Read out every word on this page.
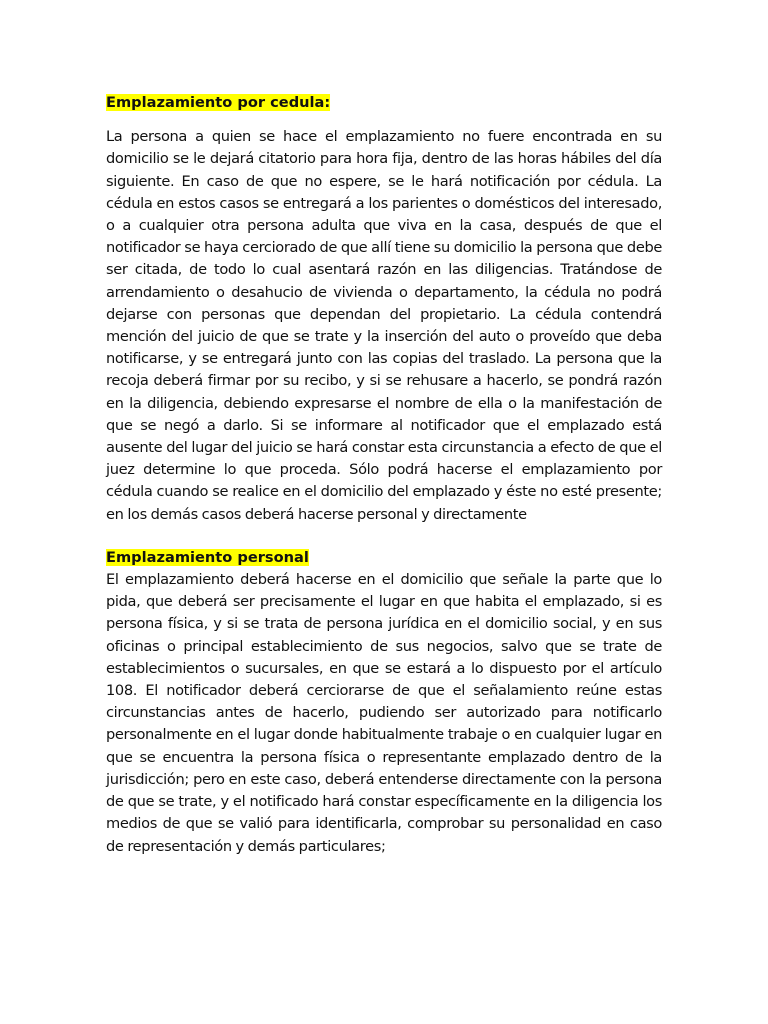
Emplazamiento por cedula:

La persona a quien se hace el emplazamiento no fuere encontrada en su domicilio se le dejará citatorio para hora fija, dentro de las horas hábiles del día siguiente. En caso de que no espere, se le hará notificación por cédula. La cédula en estos casos se entregará a los parientes o domésticos del interesado, o a cualquier otra persona adulta que viva en la casa, después de que el notificador se haya cerciorado de que allí tiene su domicilio la persona que debe ser citada, de todo lo cual asentará razón en las diligencias. Tratándose de arrendamiento o desahucio de vivienda o departamento, la cédula no podrá dejarse con personas que dependan del propietario. La cédula contendrá mención del juicio de que se trate y la inserción del auto o proveído que deba notificarse, y se entregará junto con las copias del traslado. La persona que la recoja deberá firmar por su recibo, y si se rehusare a hacerlo, se pondrá razón en la diligencia, debiendo expresarse el nombre de ella o la manifestación de que se negó a darlo. Si se informare al notificador que el emplazado está ausente del lugar del juicio se hará constar esta circunstancia a efecto de que el juez determine lo que proceda. Sólo podrá hacerse el emplazamiento por cédula cuando se realice en el domicilio del emplazado y éste no esté presente; en los demás casos deberá hacerse personal y directamente

Emplazamiento personal

El emplazamiento deberá hacerse en el domicilio que señale la parte que lo pida, que deberá ser precisamente el lugar en que habita el emplazado, si es persona física, y si se trata de persona jurídica en el domicilio social, y en sus oficinas o principal establecimiento de sus negocios, salvo que se trate de establecimientos o sucursales, en que se estará a lo dispuesto por el artículo 108. El notificador deberá cerciorarse de que el señalamiento reúne estas circunstancias antes de hacerlo, pudiendo ser autorizado para notificarlo personalmente en el lugar donde habitualmente trabaje o en cualquier lugar en que se encuentra la persona física o representante emplazado dentro de la jurisdicción; pero en este caso, deberá entenderse directamente con la persona de que se trate, y el notificado hará constar específicamente en la diligencia los medios de que se valió para identificarla, comprobar su personalidad en caso de representación y demás particulares;
